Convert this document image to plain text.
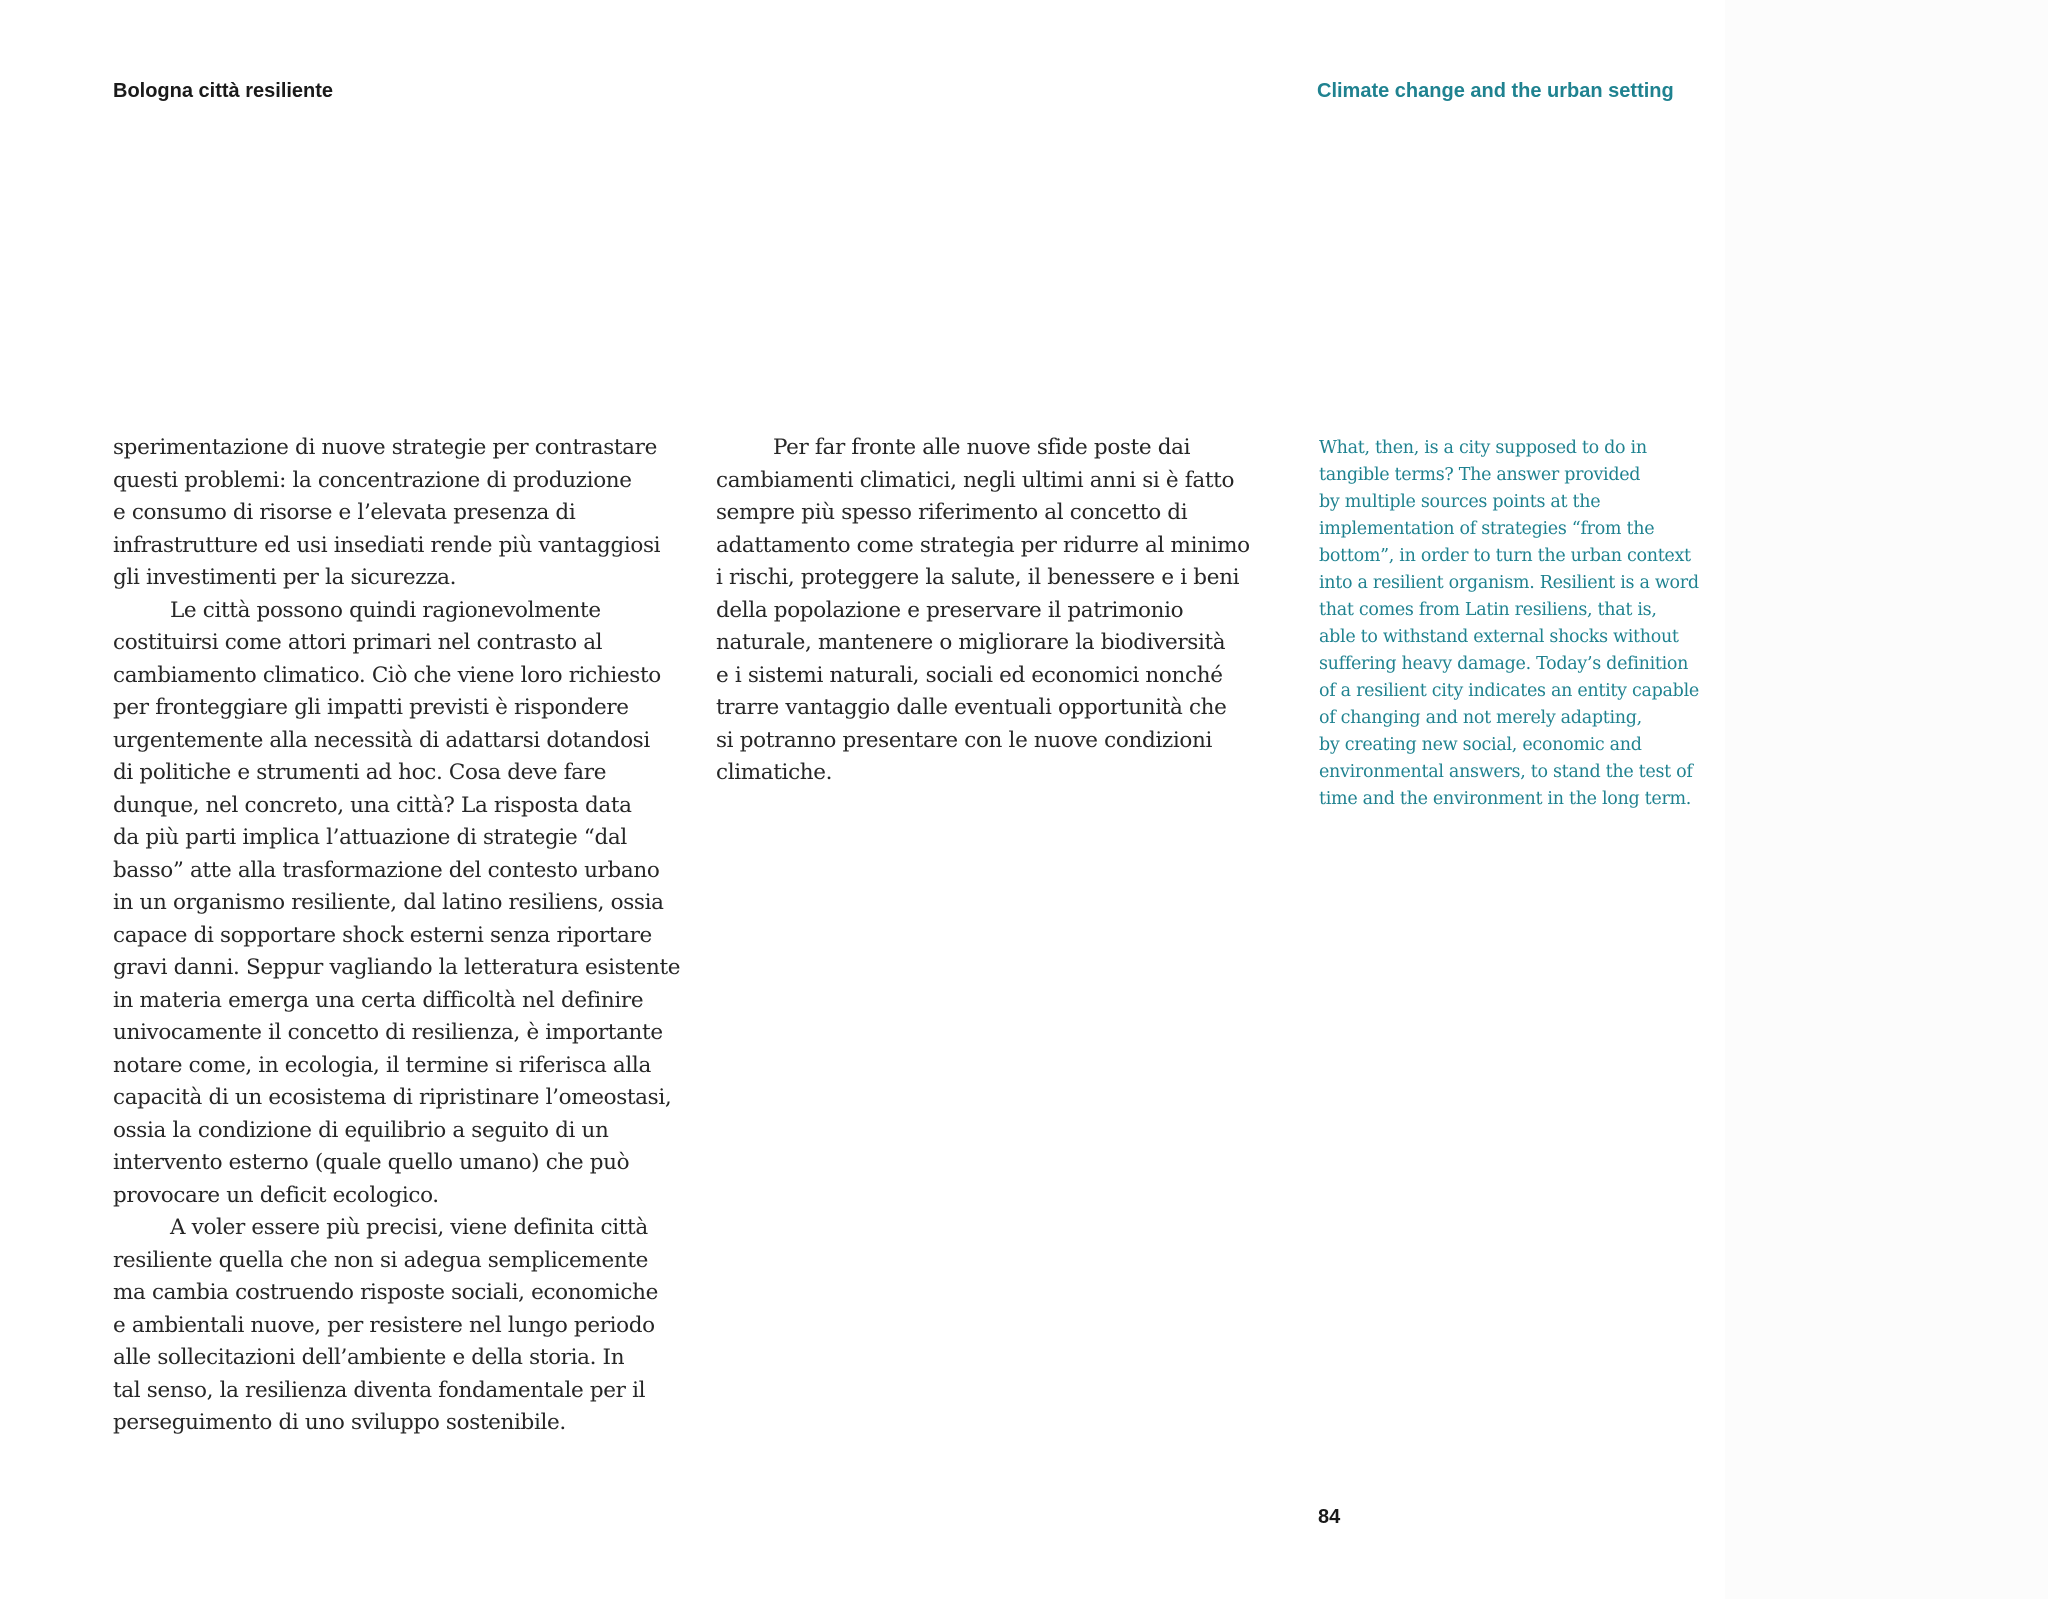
Bologna città resiliente	Climate change and the urban setting
sperimentazione di nuove strategie per contrastare
questi problemi: la concentrazione di produzione
e consumo di risorse e l’elevata presenza di
infrastrutture ed usi insediati rende più vantaggiosi
gli investimenti per la sicurezza.
Le città possono quindi ragionevolmente
costituirsi come attori primari nel contrasto al
cambiamento climatico. Ciò che viene loro richiesto
per fronteggiare gli impatti previsti è rispondere
urgentemente alla necessità di adattarsi dotandosi
di politiche e strumenti ad hoc. Cosa deve fare
dunque, nel concreto, una città? La risposta data
da più parti implica l’attuazione di strategie “dal
basso” atte alla trasformazione del contesto urbano
in un organismo resiliente, dal latino resiliens, ossia
capace di sopportare shock esterni senza riportare
gravi danni. Seppur vagliando la letteratura esistente
in materia emerga una certa difficoltà nel definire
univocamente il concetto di resilienza, è importante
notare come, in ecologia, il termine si riferisca alla
capacità di un ecosistema di ripristinare l’omeostasi,
ossia la condizione di equilibrio a seguito di un
intervento esterno (quale quello umano) che può
provocare un deficit ecologico.
A voler essere più precisi, viene definita città
resiliente quella che non si adegua semplicemente
ma cambia costruendo risposte sociali, economiche
e ambientali nuove, per resistere nel lungo periodo
alle sollecitazioni dell’ambiente e della storia. In
tal senso, la resilienza diventa fondamentale per il
perseguimento di uno sviluppo sostenibile.
Per far fronte alle nuove sfide poste dai
cambiamenti climatici, negli ultimi anni si è fatto
sempre più spesso riferimento al concetto di
adattamento come strategia per ridurre al minimo
i rischi, proteggere la salute, il benessere e i beni
della popolazione e preservare il patrimonio
naturale, mantenere o migliorare la biodiversità
e i sistemi naturali, sociali ed economici nonché
trarre vantaggio dalle eventuali opportunità che
si potranno presentare con le nuove condizioni
climatiche.
What, then, is a city supposed to do in
tangible terms? The answer provided
by multiple sources points at the
implementation of strategies “from the
bottom”, in order to turn the urban context
into a resilient organism. Resilient is a word
that comes from Latin resiliens, that is,
able to withstand external shocks without
suffering heavy damage. Today’s definition
of a resilient city indicates an entity capable
of changing and not merely adapting,
by creating new social, economic and
environmental answers, to stand the test of
time and the environment in the long term.
84
